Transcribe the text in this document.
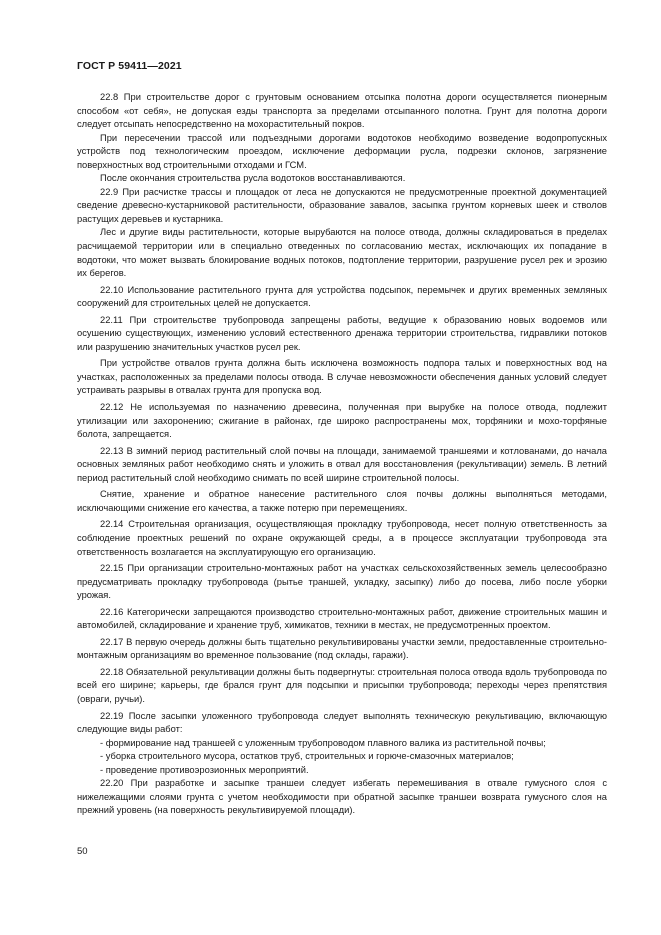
ГОСТ Р 59411—2021

22.8 При строительстве дорог с грунтовым основанием отсыпка полотна дороги осуществляется пионерным способом «от себя», не допуская езды транспорта за пределами отсыпанного полотна. Грунт для полотна дороги следует отсыпать непосредственно на мохорастительный покров.

При пересечении трассой или подъездными дорогами водотоков необходимо возведение водопропускных устройств под технологическим проездом, исключение деформации русла, подрезки склонов, загрязнение поверхностных вод строительными отходами и ГСМ.

После окончания строительства русла водотоков восстанавливаются.

22.9 При расчистке трассы и площадок от леса не допускаются не предусмотренные проектной документацией сведение древесно-кустарниковой растительности, образование завалов, засыпка грунтом корневых шеек и стволов растущих деревьев и кустарника.

Лес и другие виды растительности, которые вырубаются на полосе отвода, должны складироваться в пределах расчищаемой территории или в специально отведенных по согласованию местах, исключающих их попадание в водотоки, что может вызвать блокирование водных потоков, подтопление территории, разрушение русел рек и эрозию их берегов.

22.10 Использование растительного грунта для устройства подсыпок, перемычек и других временных земляных сооружений для строительных целей не допускается.

22.11 При строительстве трубопровода запрещены работы, ведущие к образованию новых водоемов или осушению существующих, изменению условий естественного дренажа территории строительства, гидравлики потоков или разрушению значительных участков русел рек.

При устройстве отвалов грунта должна быть исключена возможность подпора талых и поверхностных вод на участках, расположенных за пределами полосы отвода. В случае невозможности обеспечения данных условий следует устраивать разрывы в отвалах грунта для пропуска вод.

22.12 Не используемая по назначению древесина, полученная при вырубке на полосе отвода, подлежит утилизации или захоронению; сжигание в районах, где широко распространены мох, торфяники и мохо-торфяные болота, запрещается.

22.13 В зимний период растительный слой почвы на площади, занимаемой траншеями и котлованами, до начала основных земляных работ необходимо снять и уложить в отвал для восстановления (рекультивации) земель. В летний период растительный слой необходимо снимать по всей ширине строительной полосы.

Снятие, хранение и обратное нанесение растительного слоя почвы должны выполняться методами, исключающими снижение его качества, а также потерю при перемещениях.

22.14 Строительная организация, осуществляющая прокладку трубопровода, несет полную ответственность за соблюдение проектных решений по охране окружающей среды, а в процессе эксплуатации трубопровода эта ответственность возлагается на эксплуатирующую его организацию.

22.15 При организации строительно-монтажных работ на участках сельскохозяйственных земель целесообразно предусматривать прокладку трубопровода (рытье траншей, укладку, засыпку) либо до посева, либо после уборки урожая.

22.16 Категорически запрещаются производство строительно-монтажных работ, движение строительных машин и автомобилей, складирование и хранение труб, химикатов, техники в местах, не предусмотренных проектом.

22.17 В первую очередь должны быть тщательно рекультивированы участки земли, предоставленные строительно-монтажным организациям во временное пользование (под склады, гаражи).

22.18 Обязательной рекультивации должны быть подвергнуты: строительная полоса отвода вдоль трубопровода по всей его ширине; карьеры, где брался грунт для подсыпки и присыпки трубопровода; переходы через препятствия (овраги, ручьи).

22.19 После засыпки уложенного трубопровода следует выполнять техническую рекультивацию, включающую следующие виды работ:

- формирование над траншеей с уложенным трубопроводом плавного валика из растительной почвы;

- уборка строительного мусора, остатков труб, строительных и горюче-смазочных материалов;

- проведение противоэрозионных мероприятий.

22.20 При разработке и засыпке траншеи следует избегать перемешивания в отвале гумусного слоя с нижележащими слоями грунта с учетом необходимости при обратной засыпке траншеи возврата гумусного слоя на прежний уровень (на поверхность рекультивируемой площади).

50
